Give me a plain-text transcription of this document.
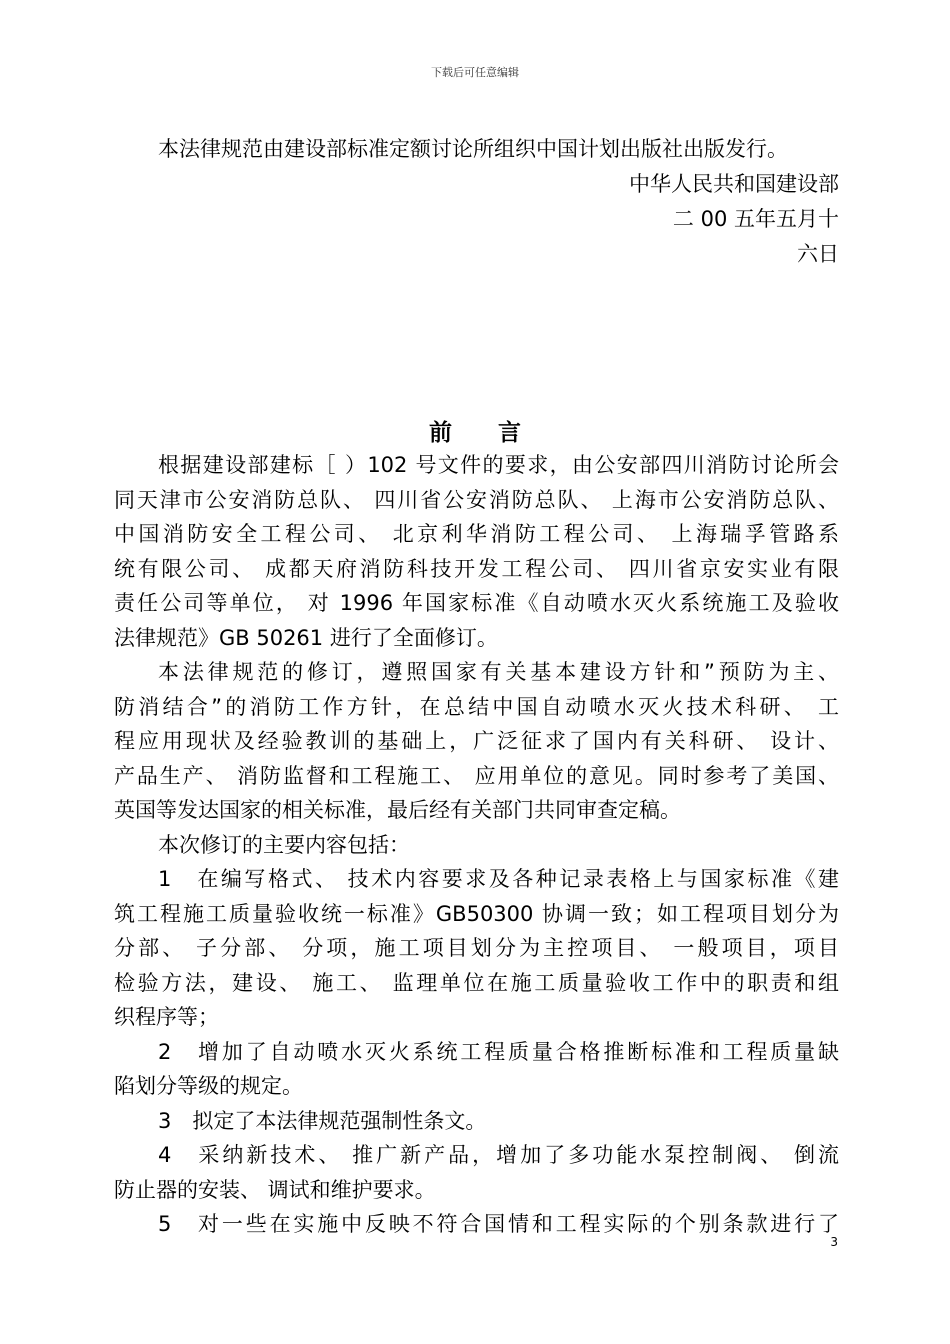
下载后可任意编辑
本法律规范由建设部标准定额讨论所组织中国计划出版社出版发行。
中华人民共和国建设部
二 00 五年五月十
六日
前言
根据建设部建标［ ）102 号文件的要求，由公安部四川消防讨论所会
同天津市公安消防总队、 四川省公安消防总队、 上海市公安消防总队、
中国消防安全工程公司、 北京利华消防工程公司、 上海瑞孚管路系
统有限公司、 成都天府消防科技开发工程公司、 四川省京安实业有限
责任公司等单位， 对 1996 年国家标准《自动喷水灭火系统施工及验收
法律规范》GB 50261 进行了全面修订。
本法律规范的修订，遵照国家有关基本建设方针和”预防为主、
防消结合”的消防工作方针，在总结中国自动喷水灭火技术科研、 工
程应用现状及经验教训的基础上，广泛征求了国内有关科研、 设计、
产品生产、 消防监督和工程施工、 应用单位的意见。同时参考了美国、
英国等发达国家的相关标准，最后经有关部门共同审查定稿。
本次修订的主要内容包括：
1　在编写格式、 技术内容要求及各种记录表格上与国家标准《建
筑工程施工质量验收统一标准》GB50300 协调一致；如工程项目划分为
分部、 子分部、 分项，施工项目划分为主控项目、 一般项目，项目
检验方法，建设、 施工、 监理单位在施工质量验收工作中的职责和组
织程序等；
2　增加了自动喷水灭火系统工程质量合格推断标准和工程质量缺
陷划分等级的规定。
3　拟定了本法律规范强制性条文。
4　采纳新技术、 推广新产品，增加了多功能水泵控制阀、 倒流
防止器的安装、 调试和维护要求。
5　对一些在实施中反映不符合国情和工程实际的个别条款进行了
3
